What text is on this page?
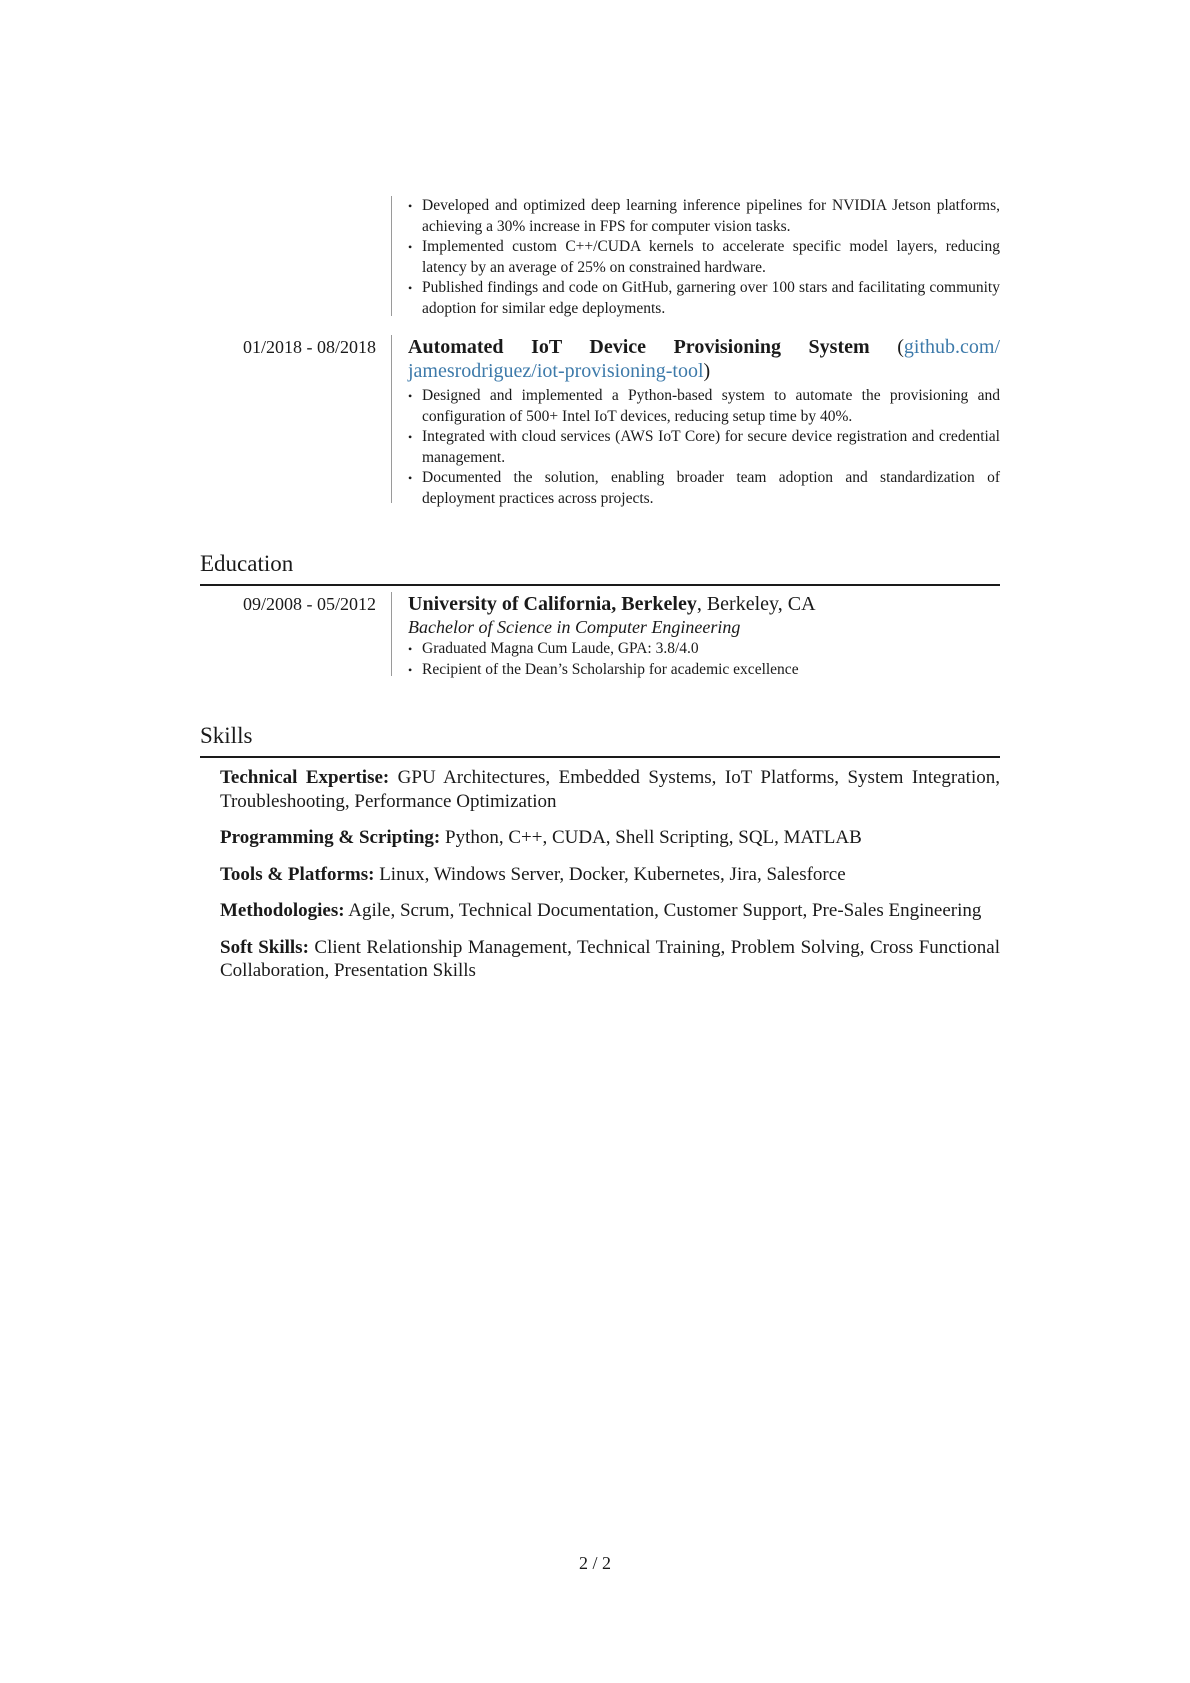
• Developed and optimized deep learning inference pipelines for NVIDIA Jetson platforms, achieving a 30% increase in FPS for computer vision tasks.
• Implemented custom C++/CUDA kernels to accelerate specific model layers, reducing latency by an average of 25% on constrained hardware.
• Published findings and code on GitHub, garnering over 100 stars and facilitating community adoption for similar edge deployments.
01/2018 - 08/2018 Automated IoT Device Provisioning System (github.com/ jamesrodriguez/iot-provisioning-tool)
• Designed and implemented a Python-based system to automate the provisioning and configuration of 500+ Intel IoT devices, reducing setup time by 40%.
• Integrated with cloud services (AWS IoT Core) for secure device registration and credential management.
• Documented the solution, enabling broader team adoption and standardization of deployment practices across projects.
Education
09/2008 - 05/2012 University of California, Berkeley, Berkeley, CA
Bachelor of Science in Computer Engineering
• Graduated Magna Cum Laude, GPA: 3.8/4.0
• Recipient of the Dean’s Scholarship for academic excellence
Skills
Technical Expertise: GPU Architectures, Embedded Systems, IoT Platforms, System Integration, Troubleshooting, Performance Optimization
Programming & Scripting: Python, C++, CUDA, Shell Scripting, SQL, MATLAB
Tools & Platforms: Linux, Windows Server, Docker, Kubernetes, Jira, Salesforce
Methodologies: Agile, Scrum, Technical Documentation, Customer Support, Pre-Sales Engineering
Soft Skills: Client Relationship Management, Technical Training, Problem Solving, Cross Functional Collaboration, Presentation Skills
2 / 2
